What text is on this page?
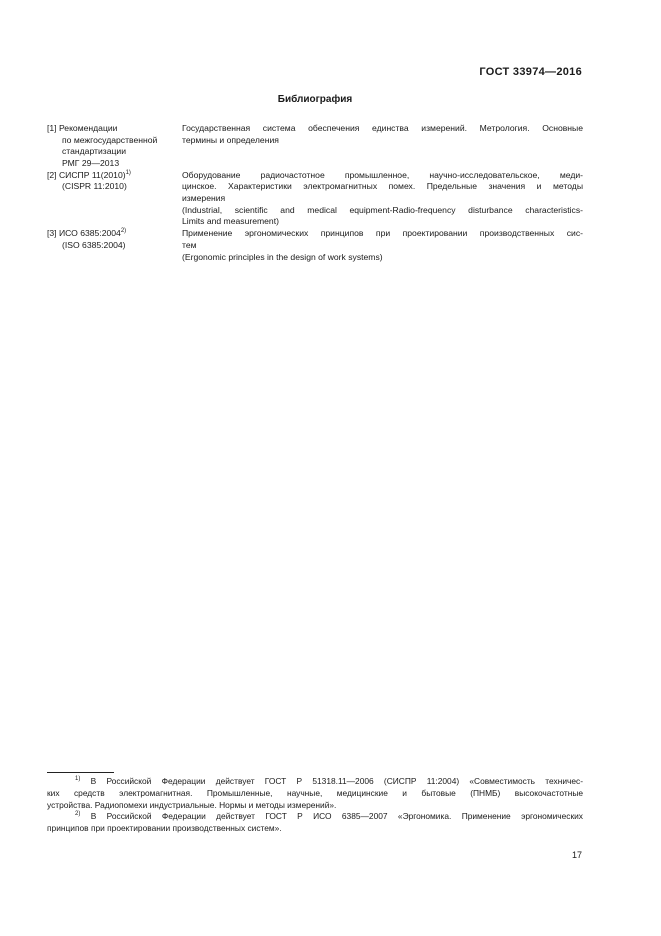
ГОСТ 33974—2016
Библиография
[1] Рекомендации
по межгосударственной
стандартизации
РМГ 29—2013
Государственная система обеспечения единства измерений. Метрология. Основные
термины и определения
[2] СИСПР $11(2010)^{1)}$
(CISPR 11:2010)
Оборудование радиочастотное промышленное, научно-исследовательское, меди-
цинское. Характеристики электромагнитных помех. Предельные значения и методы
измерения
(Industrial, scientific and medical equipment-Radio-frequency disturbance characteristics-
Limits and measurement)
[3] ИСО 6385:2004$^{2)}$
(ISO 6385:2004)
Применение эргономических принципов при проектировании производственных сис-
тем
(Ergonomic principles in the design of work systems)
$^{1)}$ В Российской Федерации действует ГОСТ Р 51318.11—2006 (СИСПР 11:2004) «Совместимость техничес-
ких средств электромагнитная. Промышленные, научные, медицинские и бытовые (ПНМБ) высокочастотные
устройства. Радиопомехи индустриальные. Нормы и методы измерений».
$^{2)}$ В Российской Федерации действует ГОСТ Р ИСО 6385—2007 «Эргономика. Применение эргономических
принципов при проектировании производственных систем».
17
